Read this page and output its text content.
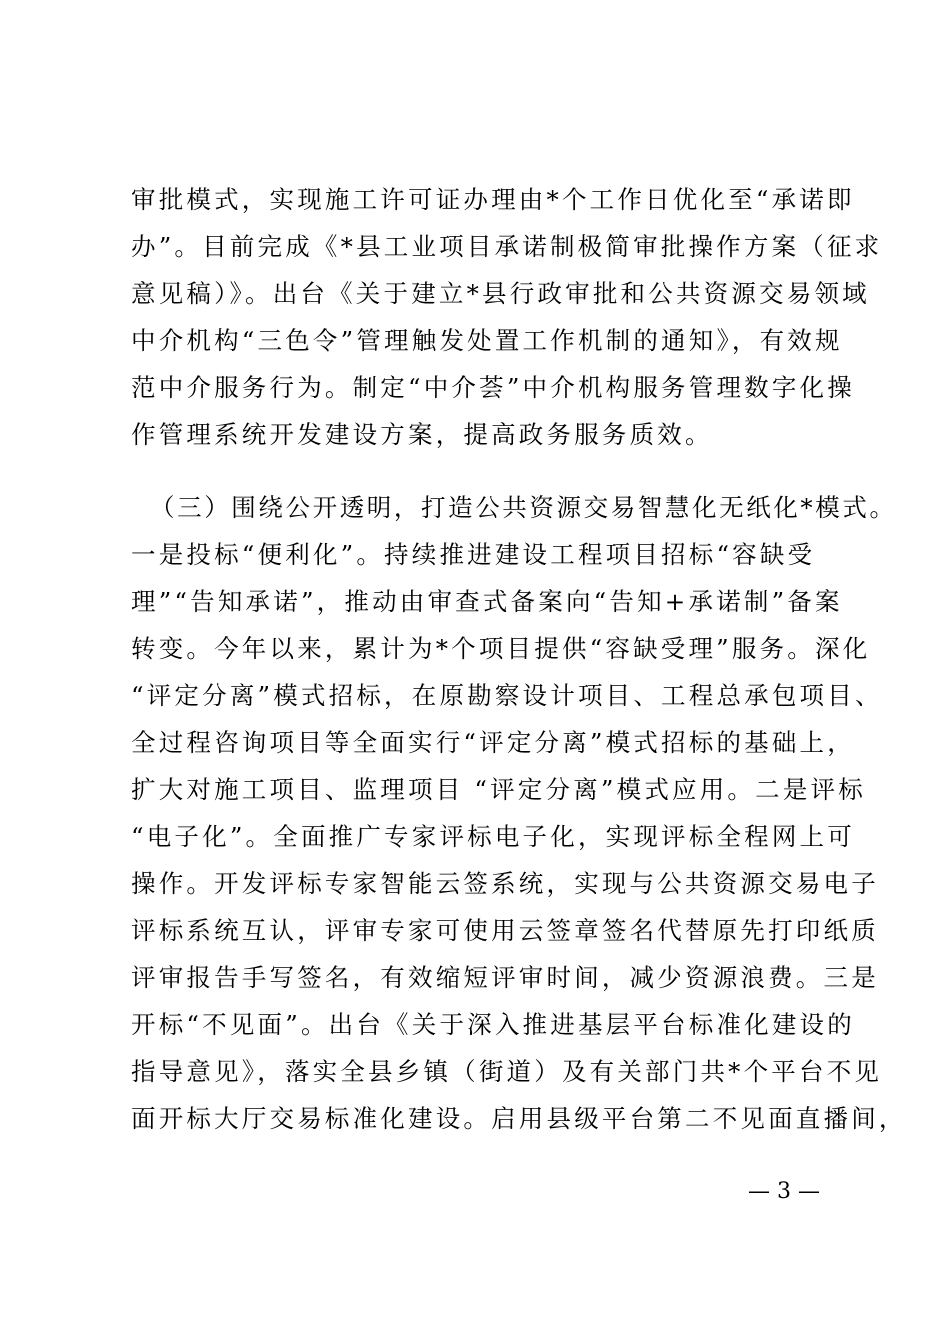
审批模式，实现施工许可证办理由*个工作日优化至“承诺即
办”。目前完成《*县工业项目承诺制极简审批操作方案（征求
意见稿）》。出台《关于建立*县行政审批和公共资源交易领域
中介机构“三色令”管理触发处置工作机制的通知》，有效规
范中介服务行为。制定“中介荟”中介机构服务管理数字化操
作管理系统开发建设方案，提高政务服务质效。
（三）围绕公开透明，打造公共资源交易智慧化无纸化*模式。
一是投标“便利化”。持续推进建设工程项目招标“容缺受
理”“告知承诺”，推动由审查式备案向“告知+承诺制”备案
转变。今年以来，累计为*个项目提供“容缺受理”服务。深化
“评定分离”模式招标，在原勘察设计项目、工程总承包项目、
全过程咨询项目等全面实行“评定分离”模式招标的基础上，
扩大对施工项目、监理项目 “评定分离”模式应用。二是评标
“电子化”。全面推广专家评标电子化，实现评标全程网上可
操作。开发评标专家智能云签系统，实现与公共资源交易电子
评标系统互认，评审专家可使用云签章签名代替原先打印纸质
评审报告手写签名，有效缩短评审时间，减少资源浪费。三是
开标“不见面”。出台《关于深入推进基层平台标准化建设的
指导意见》，落实全县乡镇（街道）及有关部门共*个平台不见
面开标大厅交易标准化建设。启用县级平台第二不见面直播间，
— 3 —
